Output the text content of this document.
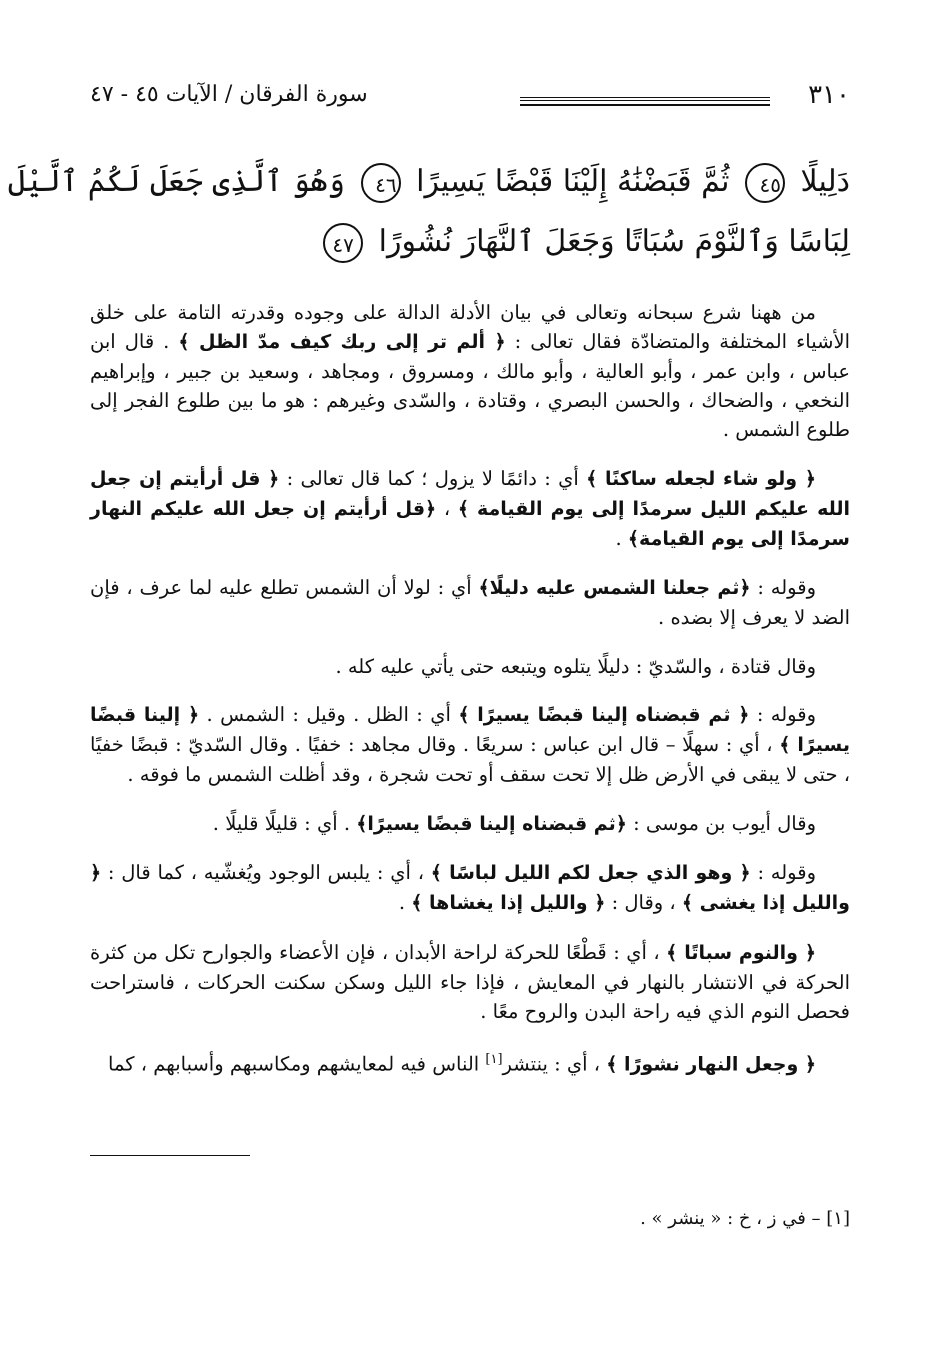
٣١٠
سورة الفرقان / الآيات ٤٥ - ٤٧
دَلِيلًا ٤٥ ثُمَّ قَبَضْنَٰهُ إِلَيْنَا قَبْضًا يَسِيرًا ٤٦ وَهُوَ ٱلَّذِى جَعَلَ لَكُمُ ٱلَّيْلَ
لِبَاسًا وَٱلنَّوْمَ سُبَاتًا وَجَعَلَ ٱلنَّهَارَ نُشُورًا ٤٧

من ههنا شرع سبحانه وتعالى في بيان الأدلة الدالة على وجوده وقدرته التامة على خلق الأشياء المختلفة والمتضادّة فقال تعالى : ﴿ ألم تر إلى ربك كيف مدّ الظل ﴾ . قال ابن عباس ، وابن عمر ، وأبو العالية ، وأبو مالك ، ومسروق ، ومجاهد ، وسعيد بن جبير ، وإبراهيم النخعي ، والضحاك ، والحسن البصري ، وقتادة ، والسّدى وغيرهم : هو ما بين طلوع الفجر إلى طلوع الشمس .

﴿ ولو شاء لجعله ساكنًا ﴾ أي : دائمًا لا يزول ؛ كما قال تعالى : ﴿ قل أرأيتم إن جعل الله عليكم الليل سرمدًا إلى يوم القيامة ﴾ ، ﴿قل أرأيتم إن جعل الله عليكم النهار سرمدًا إلى يوم القيامة﴾ .

وقوله : ﴿ثم جعلنا الشمس عليه دليلًا﴾ أي : لولا أن الشمس تطلع عليه لما عرف ، فإن الضد لا يعرف إلا بضده .

وقال قتادة ، والسّديّ : دليلًا يتلوه ويتبعه حتى يأتي عليه كله .

وقوله : ﴿ ثم قبضناه إلينا قبضًا يسيرًا ﴾ أي : الظل . وقيل : الشمس . ﴿ إلينا قبضًا يسيرًا ﴾ ، أي : سهلًا – قال ابن عباس : سريعًا . وقال مجاهد : خفيًا . وقال السّديّ : قبضًا خفيًا ، حتى لا يبقى في الأرض ظل إلا تحت سقف أو تحت شجرة ، وقد أظلت الشمس ما فوقه .

وقال أيوب بن موسى : ﴿ثم قبضناه إلينا قبضًا يسيرًا﴾ . أي : قليلًا قليلًا .

وقوله : ﴿ وهو الذي جعل لكم الليل لباسًا ﴾ ، أي : يلبس الوجود ويُغشّيه ، كما قال : ﴿ والليل إذا يغشى ﴾ ، وقال : ﴿ والليل إذا يغشاها ﴾ .

﴿ والنوم سباتًا ﴾ ، أي : قَطْعًا للحركة لراحة الأبدان ، فإن الأعضاء والجوارح تكل من كثرة الحركة في الانتشار بالنهار في المعايش ، فإذا جاء الليل وسكن سكنت الحركات ، فاستراحت فحصل النوم الذي فيه راحة البدن والروح معًا .

﴿ وجعل النهار نشورًا ﴾ ، أي : ينتشر[١] الناس فيه لمعايشهم ومكاسبهم وأسبابهم ، كما

[١] – في ز ، خ : « ينشر » .
